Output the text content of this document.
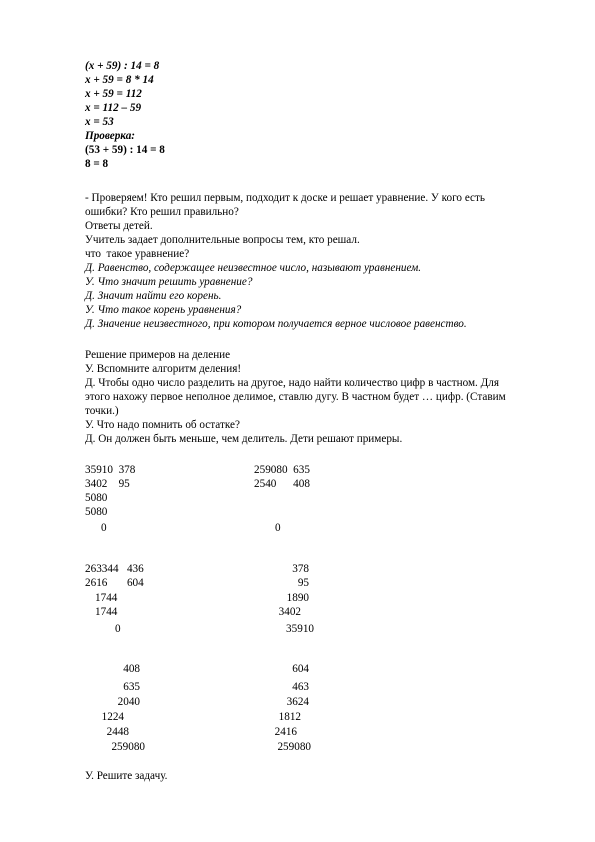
(x + 59) : 14 = 8
x + 59 = 8 * 14
x + 59 = 112
x = 112 – 59
x = 53
Проверка:
(53 + 59) : 14 = 8
8 = 8
- Проверяем! Кто решил первым, подходит к доске и решает уравнение. У кого есть
ошибки? Кто решил правильно?
Ответы детей.
Учитель задает дополнительные вопросы тем, кто решал.
что  такое уравнение?
Д. Равенство, содержащее неизвестное число, называют уравнением.
У. Что значит решить уравнение?
Д. Значит найти его корень.
У. Что такое корень уравнения?
Д. Значение неизвестного, при котором получается верное числовое равенство.
Решение примеров на деление
У. Вспомните алгоритм деления!
Д. Чтобы одно число разделить на другое, надо найти количество цифр в частном. Для
этого нахожу первое неполное делимое, ставлю дугу. В частном будет … цифр. (Ставим
точки.)
У. Что надо помнить об остатке?
Д. Он должен быть меньше, чем делитель. Дети решают примеры.
35910  378
3402    95
5080
5080
0
259080  635
2540      408
0
263344   436
2616       604
1744
1744
0
378
95
1890
3402
35910
408
635
2040
1224
2448
259080
604
463
3624
1812
2416
259080
У. Решите задачу.
